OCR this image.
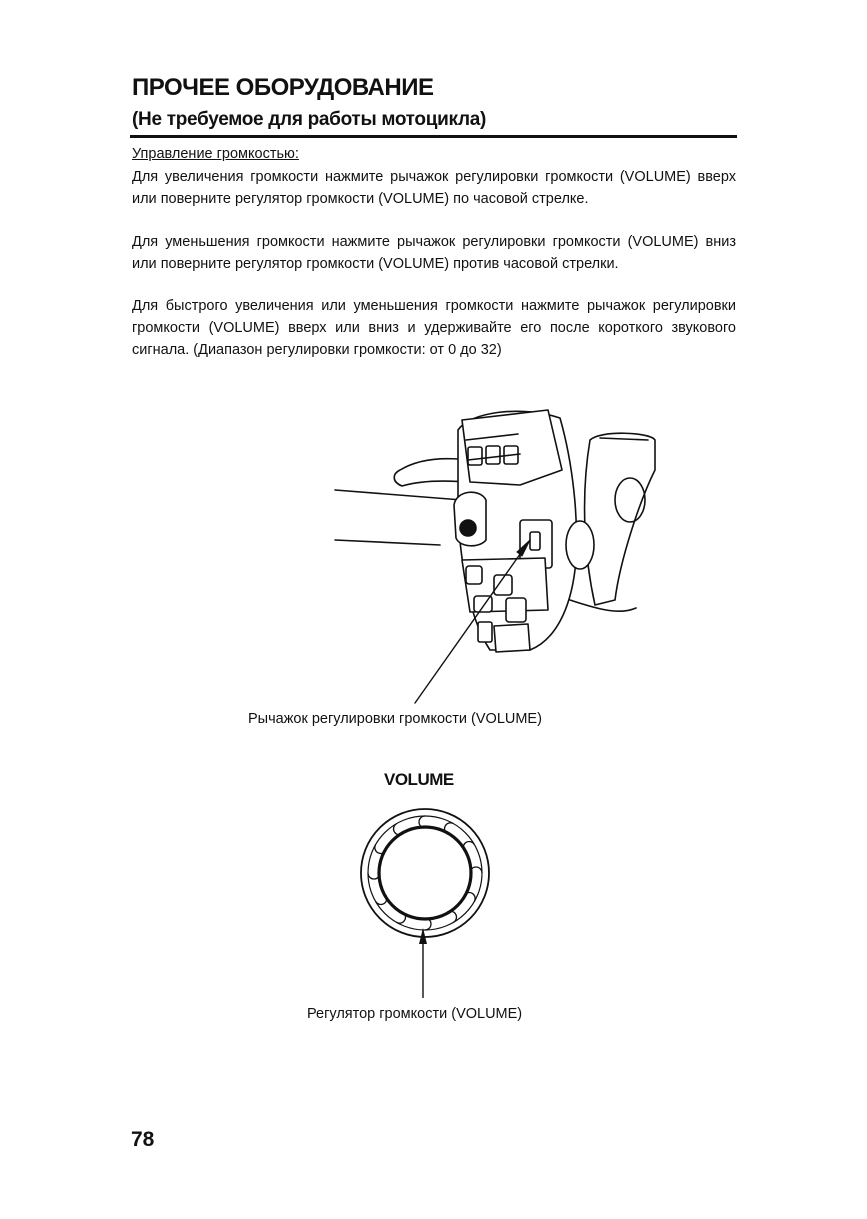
ПРОЧЕЕ ОБОРУДОВАНИЕ
(Не требуемое для работы мотоцикла)
Управление громкостью:
Для увеличения громкости нажмите рычажок регулировки громкости (VOLUME) вверх или поверните регулятор громкости (VOLUME) по часовой стрелке.
Для уменьшения громкости нажмите рычажок регулировки громкости (VOLUME) вниз или поверните регулятор громкости (VOLUME) против часовой стрелки.
Для быстрого увеличения или уменьшения громкости нажмите рычажок регулировки громкости (VOLUME) вверх или вниз и удерживайте его после короткого звукового сигнала. (Диапазон регулировки громкости: от 0 до 32)
Рычажок регулировки громкости (VOLUME)
VOLUME
Регулятор громкости (VOLUME)
78
